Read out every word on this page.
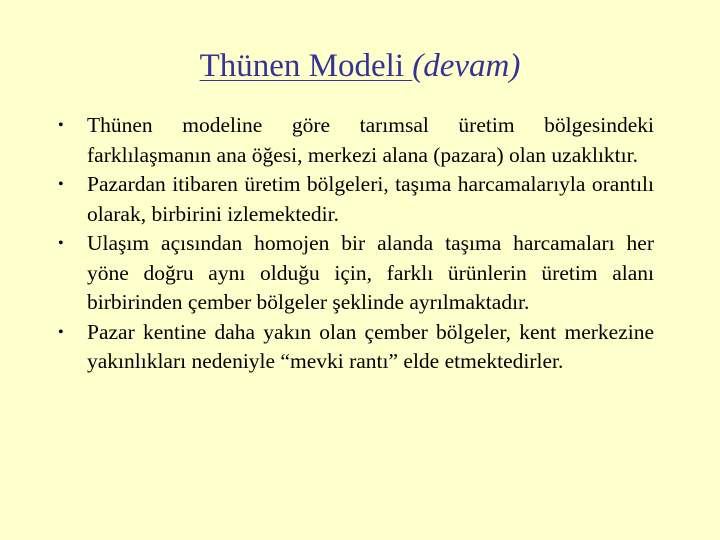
Thünen Modeli (devam)
• Thünen modeline göre tarımsal üretim bölgesindeki farklılaşmanın ana öğesi, merkezi alana (pazara) olan uzaklıktır.
• Pazardan itibaren üretim bölgeleri, taşıma harcamalarıyla orantılı olarak, birbirini izlemektedir.
• Ulaşım açısından homojen bir alanda taşıma harcamaları her yöne doğru aynı olduğu için, farklı ürünlerin üretim alanı birbirinden çember bölgeler şeklinde ayrılmaktadır.
• Pazar kentine daha yakın olan çember bölgeler, kent merkezine yakınlıkları nedeniyle “mevki rantı” elde etmektedirler.
